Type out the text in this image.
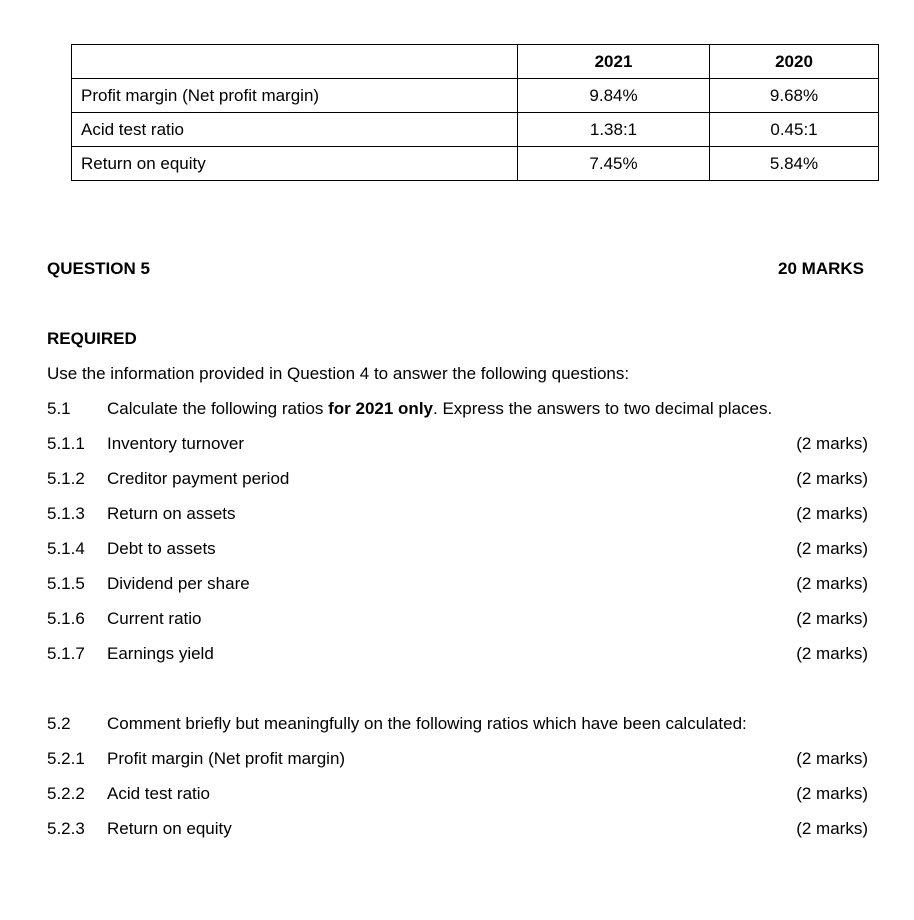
	2021	2020
Profit margin (Net profit margin)	9.84%	9.68%
Acid test ratio	1.38:1	0.45:1
Return on equity	7.45%	5.84%
QUESTION 5	20 MARKS
REQUIRED
Use the information provided in Question 4 to answer the following questions:
5.1 Calculate the following ratios for 2021 only. Express the answers to two decimal places.
5.1.1 Inventory turnover	(2 marks)
5.1.2 Creditor payment period	(2 marks)
5.1.3 Return on assets	(2 marks)
5.1.4 Debt to assets	(2 marks)
5.1.5 Dividend per share	(2 marks)
5.1.6 Current ratio	(2 marks)
5.1.7 Earnings yield	(2 marks)
5.2 Comment briefly but meaningfully on the following ratios which have been calculated:
5.2.1 Profit margin (Net profit margin)	(2 marks)
5.2.2 Acid test ratio	(2 marks)
5.2.3 Return on equity	(2 marks)
